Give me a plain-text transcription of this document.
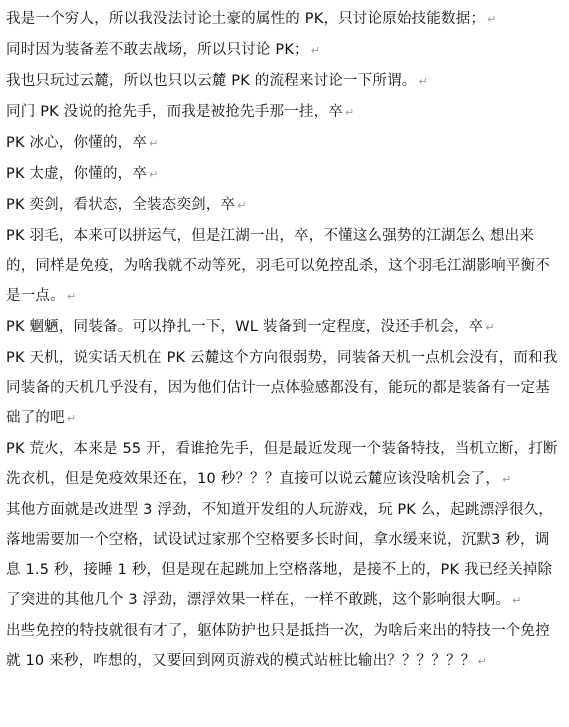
我是一个穷人，所以我没法讨论土豪的属性的 PK，只讨论原始技能数据； ↵

同时因为装备差不敢去战场，所以只讨论 PK； ↵

我也只玩过云麓，所以也只以云麓 PK 的流程来讨论一下所谓。 ↵

同门 PK 没说的抢先手，而我是被抢先手那一挂，卒 ↵

PK 冰心，你懂的，卒 ↵

PK 太虚，你懂的，卒 ↵

PK 奕剑，看状态，全装态奕剑，卒 ↵

PK 羽毛，本来可以拼运气，但是江湖一出，卒，不懂这么强势的江湖怎么 想出来的，同样是免疫，为啥我就不动等死，羽毛可以免控乱杀，这个羽毛江湖影响平衡不是一点。 ↵

PK 魍魉，同装备。可以挣扎一下，WL 装备到一定程度，没还手机会，卒 ↵

PK 天机，说实话天机在 PK 云麓这个方向很弱势，同装备天机一点机会没有，而和我同装备的天机几乎没有，因为他们估计一点体验感都没有，能玩的都是装备有一定基础了的吧 ↵

PK 荒火，本来是 55 开，看谁抢先手，但是最近发现一个装备特技，当机立断，打断洗衣机，但是免疫效果还在，10 秒？？？直接可以说云麓应该没啥机会了， ↵

其他方面就是改进型 3 浮劲，不知道开发组的人玩游戏，玩 PK 么，起跳漂浮很久，落地需要加一个空格，试设试过家那个空格要多长时间，拿水缓来说，沉默3 秒，调息 1.5 秒，接睡 1 秒，但是现在起跳加上空格落地，是接不上的，PK 我已经关掉除了突进的其他几个 3 浮劲，漂浮效果一样在，一样不敢跳，这个影响很大啊。 ↵

出些免控的特技就很有才了，躯体防护也只是抵挡一次，为啥后来出的特技一个免控就 10 来秒，咋想的，又要回到网页游戏的模式站桩比输出？？？？？？ ↵
